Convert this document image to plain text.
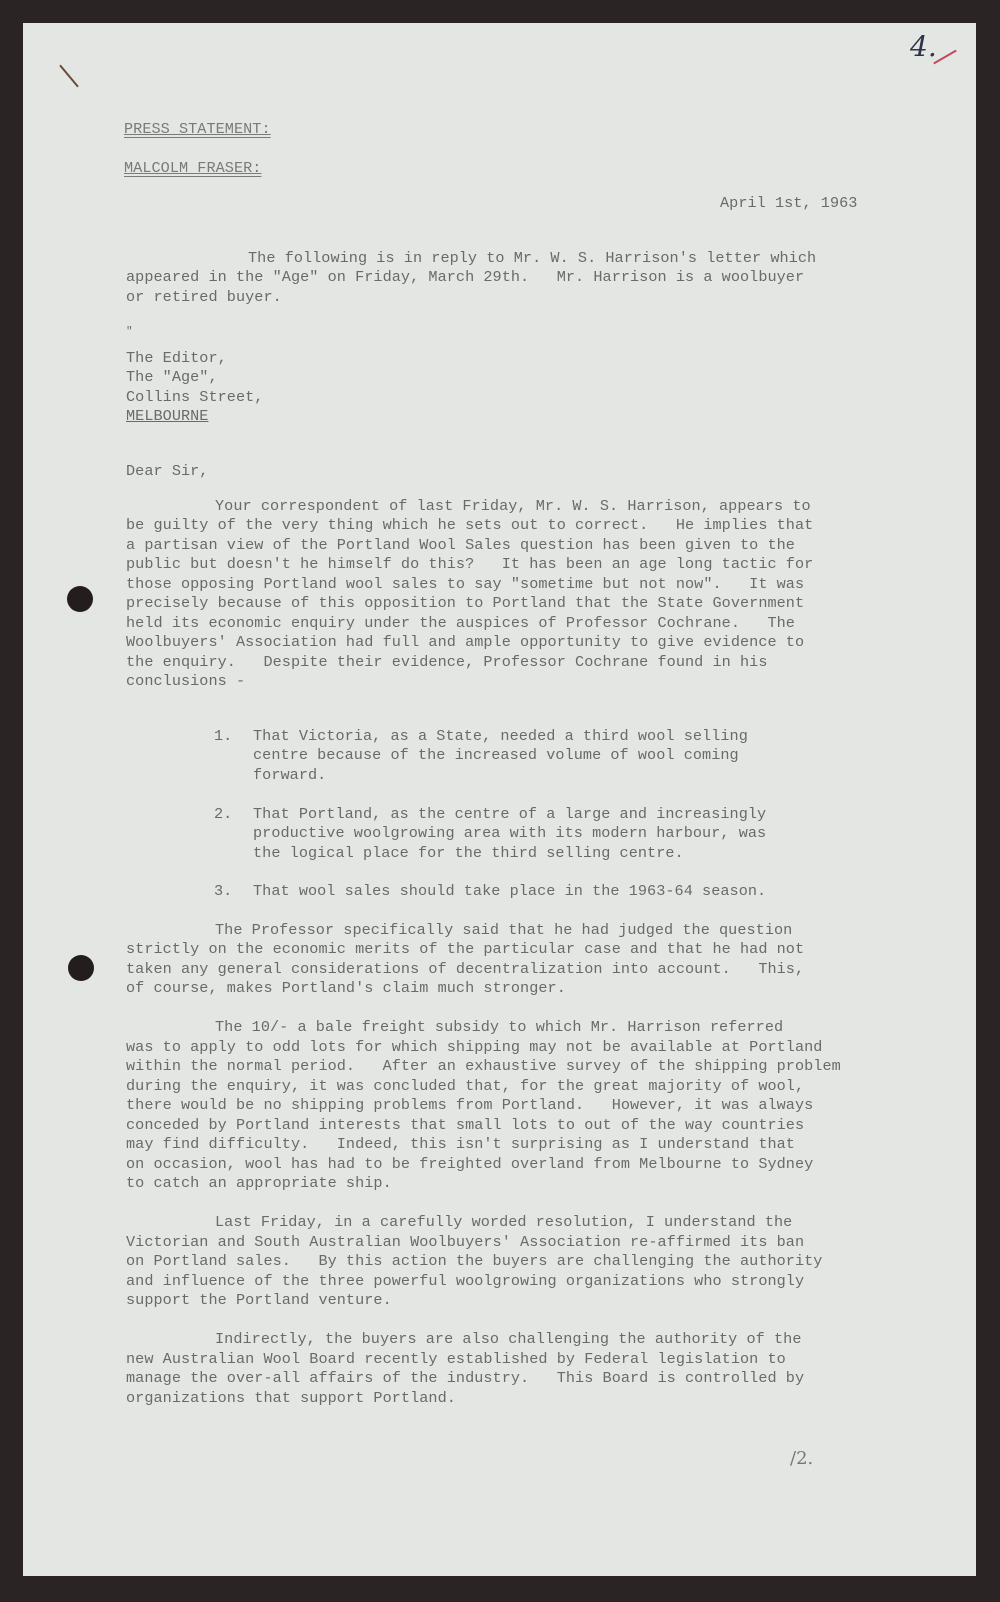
4.
PRESS STATEMENT:
MALCOLM FRASER:
April 1st, 1963
The following is in reply to Mr. W. S. Harrison's letter which
appeared in the "Age" on Friday, March 29th.   Mr. Harrison is a woolbuyer
or retired buyer.
"
The Editor,
The "Age",
Collins Street,
MELBOURNE
Dear Sir,
Your correspondent of last Friday, Mr. W. S. Harrison, appears to
be guilty of the very thing which he sets out to correct.   He implies that
a partisan view of the Portland Wool Sales question has been given to the
public but doesn't he himself do this?   It has been an age long tactic for
those opposing Portland wool sales to say "sometime but not now".   It was
precisely because of this opposition to Portland that the State Government
held its economic enquiry under the auspices of Professor Cochrane.   The
Woolbuyers' Association had full and ample opportunity to give evidence to
the enquiry.   Despite their evidence, Professor Cochrane found in his
conclusions -
1. That Victoria, as a State, needed a third wool selling
centre because of the increased volume of wool coming
forward.
2. That Portland, as the centre of a large and increasingly
productive woolgrowing area with its modern harbour, was
the logical place for the third selling centre.
3. That wool sales should take place in the 1963-64 season.
The Professor specifically said that he had judged the question
strictly on the economic merits of the particular case and that he had not
taken any general considerations of decentralization into account.   This,
of course, makes Portland's claim much stronger.
The 10/- a bale freight subsidy to which Mr. Harrison referred
was to apply to odd lots for which shipping may not be available at Portland
within the normal period.   After an exhaustive survey of the shipping problem
during the enquiry, it was concluded that, for the great majority of wool,
there would be no shipping problems from Portland.   However, it was always
conceded by Portland interests that small lots to out of the way countries
may find difficulty.   Indeed, this isn't surprising as I understand that
on occasion, wool has had to be freighted overland from Melbourne to Sydney
to catch an appropriate ship.
Last Friday, in a carefully worded resolution, I understand the
Victorian and South Australian Woolbuyers' Association re-affirmed its ban
on Portland sales.   By this action the buyers are challenging the authority
and influence of the three powerful woolgrowing organizations who strongly
support the Portland venture.
Indirectly, the buyers are also challenging the authority of the
new Australian Wool Board recently established by Federal legislation to
manage the over-all affairs of the industry.   This Board is controlled by
organizations that support Portland.
/2.
